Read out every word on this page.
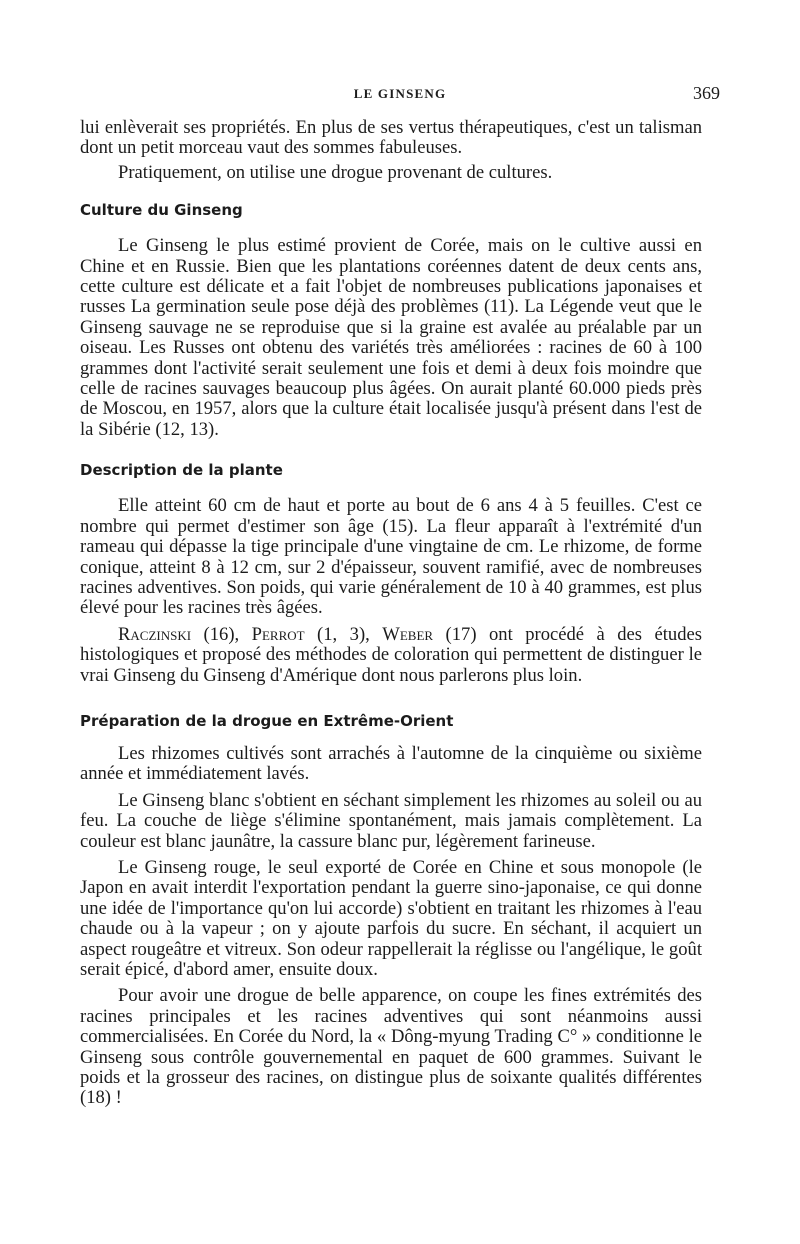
LE GINSENG	369

lui enlèverait ses propriétés. En plus de ses vertus thérapeutiques, c'est un talisman dont un petit morceau vaut des sommes fabuleuses.

Pratiquement, on utilise une drogue provenant de cultures.

Culture du Ginseng

Le Ginseng le plus estimé provient de Corée, mais on le cultive aussi en Chine et en Russie. Bien que les plantations coréennes datent de deux cents ans, cette culture est délicate et a fait l'objet de nombreuses publications japonaises et russes La germination seule pose déjà des problèmes (11). La Légende veut que le Ginseng sauvage ne se reproduise que si la graine est avalée au préalable par un oiseau. Les Russes ont obtenu des variétés très améliorées : racines de 60 à 100 grammes dont l'activité serait seulement une fois et demi à deux fois moindre que celle de racines sauvages beaucoup plus âgées. On aurait planté 60.000 pieds près de Moscou, en 1957, alors que la culture était localisée jusqu'à présent dans l'est de la Sibérie (12, 13).

Description de la plante

Elle atteint 60 cm de haut et porte au bout de 6 ans 4 à 5 feuilles. C'est ce nombre qui permet d'estimer son âge (15). La fleur apparaît à l'extrémité d'un rameau qui dépasse la tige principale d'une vingtaine de cm. Le rhizome, de forme conique, atteint 8 à 12 cm, sur 2 d'épaisseur, souvent ramifié, avec de nombreuses racines adventives. Son poids, qui varie généralement de 10 à 40 grammes, est plus élevé pour les racines très âgées.

Raczinski (16), Perrot (1, 3), Weber (17) ont procédé à des études histologiques et proposé des méthodes de coloration qui permettent de distinguer le vrai Ginseng du Ginseng d'Amérique dont nous parlerons plus loin.

Préparation de la drogue en Extrême-Orient

Les rhizomes cultivés sont arrachés à l'automne de la cinquième ou sixième année et immédiatement lavés.

Le Ginseng blanc s'obtient en séchant simplement les rhizomes au soleil ou au feu. La couche de liège s'élimine spontanément, mais jamais complètement. La couleur est blanc jaunâtre, la cassure blanc pur, légèrement farineuse.

Le Ginseng rouge, le seul exporté de Corée en Chine et sous monopole (le Japon en avait interdit l'exportation pendant la guerre sino-japonaise, ce qui donne une idée de l'importance qu'on lui accorde) s'obtient en traitant les rhizomes à l'eau chaude ou à la vapeur ; on y ajoute parfois du sucre. En séchant, il acquiert un aspect rougeâtre et vitreux. Son odeur rappellerait la réglisse ou l'angélique, le goût serait épicé, d'abord amer, ensuite doux.

Pour avoir une drogue de belle apparence, on coupe les fines extrémités des racines principales et les racines adventives qui sont néanmoins aussi commercialisées. En Corée du Nord, la « Dông-myung Trading C° » conditionne le Ginseng sous contrôle gouvernemental en paquet de 600 grammes. Suivant le poids et la grosseur des racines, on distingue plus de soixante qualités différentes (18) !
